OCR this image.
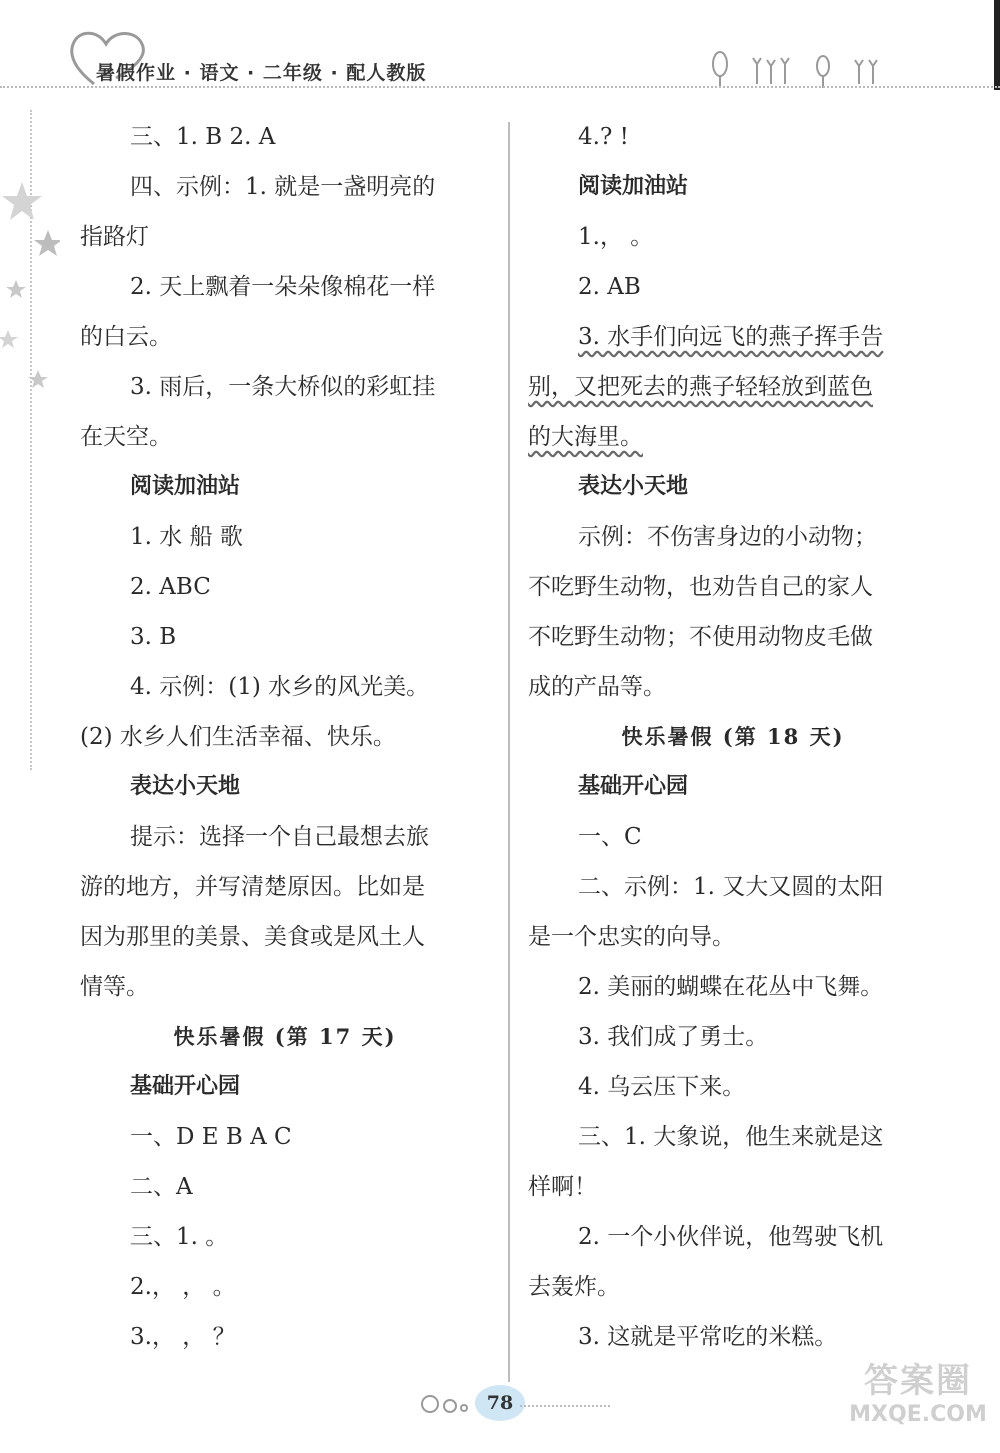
暑假作业 · 语文 · 二年级 · 配人教版
三、1. B 2. A
四、示例：1. 就是一盏明亮的
指路灯
2. 天上飘着一朵朵像棉花一样
的白云。
3. 雨后，一条大桥似的彩虹挂
在天空。
阅读加油站
1. 水 船 歌
2. ABC
3. B
4. 示例：(1) 水乡的风光美。
(2) 水乡人们生活幸福、快乐。
表达小天地
提示：选择一个自己最想去旅
游的地方，并写清楚原因。比如是
因为那里的美景、美食或是风土人
情等。
快乐暑假 (第 17 天)
基础开心园
一、D E B A C
二、A
三、1. 。
2.， ， 。
3.， ， ？
4.? !
阅读加油站
1.， 。
2. AB
3. 水手们向远飞的燕子挥手告
别，又把死去的燕子轻轻放到蓝色
的大海里。
表达小天地
示例：不伤害身边的小动物；
不吃野生动物，也劝告自己的家人
不吃野生动物；不使用动物皮毛做
成的产品等。
快乐暑假 (第 18 天)
基础开心园
一、C
二、示例：1. 又大又圆的太阳
是一个忠实的向导。
2. 美丽的蝴蝶在花丛中飞舞。
3. 我们成了勇士。
4. 乌云压下来。
三、1. 大象说，他生来就是这
样啊！
2. 一个小伙伴说，他驾驶飞机
去轰炸。
3. 这就是平常吃的米糕。
78
答案圈
MXQE.COM
